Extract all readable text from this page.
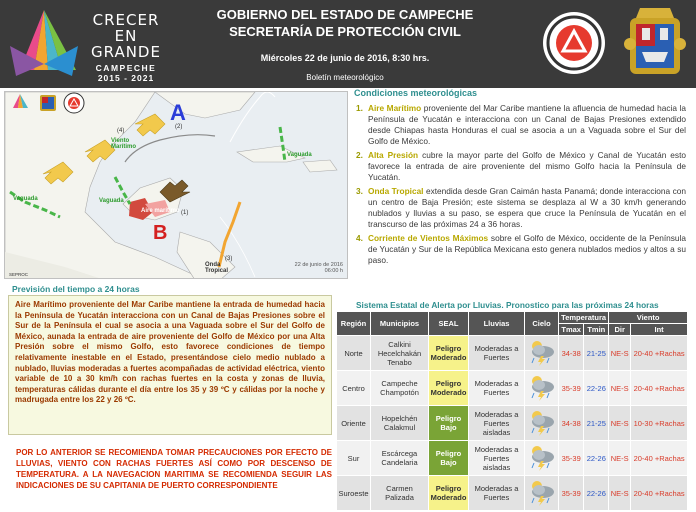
CRECER
EN GRANDE
CAMPECHE
2015 - 2021
GOBIERNO DEL ESTADO DE CAMPECHE
SECRETARÍA DE PROTECCIÓN CIVIL
Miércoles 22 de junio de 2016, 8:30 hrs.
Boletín meteorológico
A
(2)
B
(4)
Viento Marítimo
Vaguada	Vaguada
Vaguada
Aire marítimo (1)
(3)
Onda Tropical
22 de junio de 2016
06:00 h
SEPROC
Previsión del tiempo a 24 horas
Aire Marítimo proveniente del Mar Caribe mantiene la entrada de humedad hacia la Península de Yucatán interacciona con un Canal de Bajas Presiones sobre el Sur de la Península el cual se asocia a una Vaguada sobre el Sur del Golfo de México, aunada la entrada de aire proveniente del Golfo de México por una Alta Presión sobre el mismo Golfo, esto favorece condiciones de tiempo relativamente inestable en el Estado, presentándose cielo medio nublado a nublado, lluvias moderadas a fuertes acompañadas de actividad eléctrica, viento variable de 10 a 30 km/h con rachas fuertes en la costa y zonas de lluvia, temperaturas cálidas durante el día entre los 35 y 39 ºC y cálidas por la noche y madrugada entre los 22 y 26 ºC.
POR LO ANTERIOR SE RECOMIENDA TOMAR PRECAUCIONES POR EFECTO DE LLUVIAS, VIENTO CON RACHAS FUERTES ASÍ COMO POR DESCENSO DE TEMPERATURA. A LA NAVEGACION MARITIMA SE RECOMIENDA SEGUIR LAS INDICACIONES DE SU CAPITANIA DE PUERTO CORRESPONDIENTE
Condiciones meteorológicas
1. Aire Marítimo proveniente del Mar Caribe mantiene la afluencia de humedad hacia la Península de Yucatán e interacciona con un Canal de Bajas Presiones extendido desde Chiapas hasta Honduras el cual se asocia a un a Vaguada sobre el Sur del Golfo de México.
2. Alta Presión cubre la mayor parte del Golfo de México y Canal de Yucatán esto favorece la entrada de aire proveniente del mismo Golfo hacia la Península de Yucatán.
3. Onda Tropical extendida desde Gran Caimán hasta Panamá; donde interacciona con un centro de Baja Presión; este sistema se desplaza al W a 30 km/h generando nublados y lluvias a su paso, se espera que cruce la Península de Yucatán en el transcurso de las próximas 24 a 36 horas.
4. Corriente de Vientos Máximos sobre el Golfo de México, occidente de la Península de Yucatán y Sur de la República Mexicana esto genera nublados medios y altos a su paso.
Sistema Estatal de Alerta por Lluvias. Pronostico para las próximas 24 horas
Región	Municipios	SEAL	Lluvias	Cielo	Temperatura		Viento	
					Tmax	Tmin	Dir	Int
Norte	Calkini Hecelchakán Tenabo	Peligro Moderado	Moderadas a Fuertes		34-38	21-25	NE-S	20-40 +Rachas
Centro	Campeche Champotón	Peligro Moderado	Moderadas a Fuertes		35-39	22-26	NE-S	20-40 +Rachas
Oriente	Hopelchén Calakmul	Peligro Bajo	Moderadas a Fuertes aisladas		34-38	21-25	NE-S	10-30 +Rachas
Sur	Escárcega Candelaria	Peligro Bajo	Moderadas a Fuertes aisladas		35-39	22-26	NE-S	20-40 +Rachas
Suroeste	Carmen Palizada	Peligro Moderado	Moderadas a Fuertes		35-39	22-26	NE-S	20-40 +Rachas
